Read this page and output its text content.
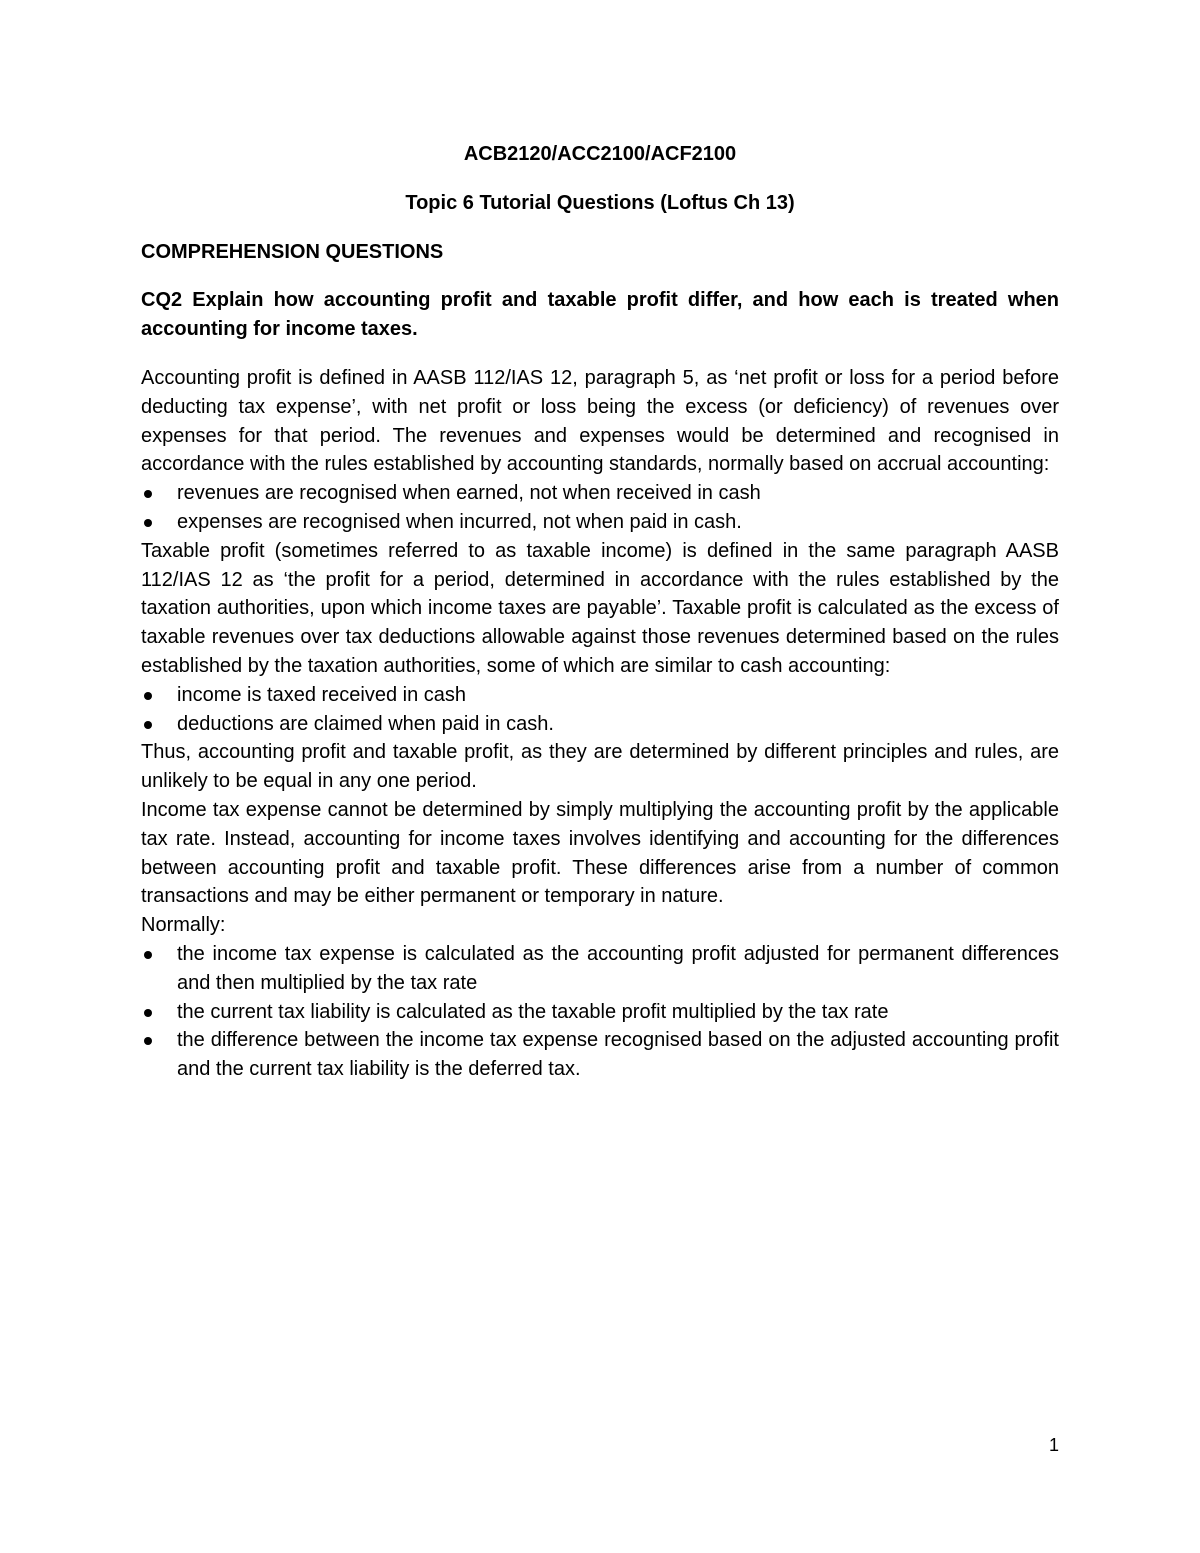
ACB2120/ACC2100/ACF2100

Topic 6 Tutorial Questions (Loftus Ch 13)

COMPREHENSION QUESTIONS

CQ2 Explain how accounting profit and taxable profit differ, and how each is treated when accounting for income taxes.

Accounting profit is defined in AASB 112/IAS 12, paragraph 5, as ‘net profit or loss for a period before deducting tax expense’, with net profit or loss being the excess (or deficiency) of revenues over expenses for that period. The revenues and expenses would be determined and recognised in accordance with the rules established by accounting standards, normally based on accrual accounting:

revenues are recognised when earned, not when received in cash
expenses are recognised when incurred, not when paid in cash.

Taxable profit (sometimes referred to as taxable income) is defined in the same paragraph AASB 112/IAS 12 as ‘the profit for a period, determined in accordance with the rules established by the taxation authorities, upon which income taxes are payable’. Taxable profit is calculated as the excess of taxable revenues over tax deductions allowable against those revenues determined based on the rules established by the taxation authorities, some of which are similar to cash accounting:

income is taxed received in cash
deductions are claimed when paid in cash.

Thus, accounting profit and taxable profit, as they are determined by different principles and rules, are unlikely to be equal in any one period.

Income tax expense cannot be determined by simply multiplying the accounting profit by the applicable tax rate. Instead, accounting for income taxes involves identifying and accounting for the differences between accounting profit and taxable profit. These differences arise from a number of common transactions and may be either permanent or temporary in nature.

Normally:

the income tax expense is calculated as the accounting profit adjusted for permanent differences and then multiplied by the tax rate
the current tax liability is calculated as the taxable profit multiplied by the tax rate
the difference between the income tax expense recognised based on the adjusted accounting profit and the current tax liability is the deferred tax.
1
